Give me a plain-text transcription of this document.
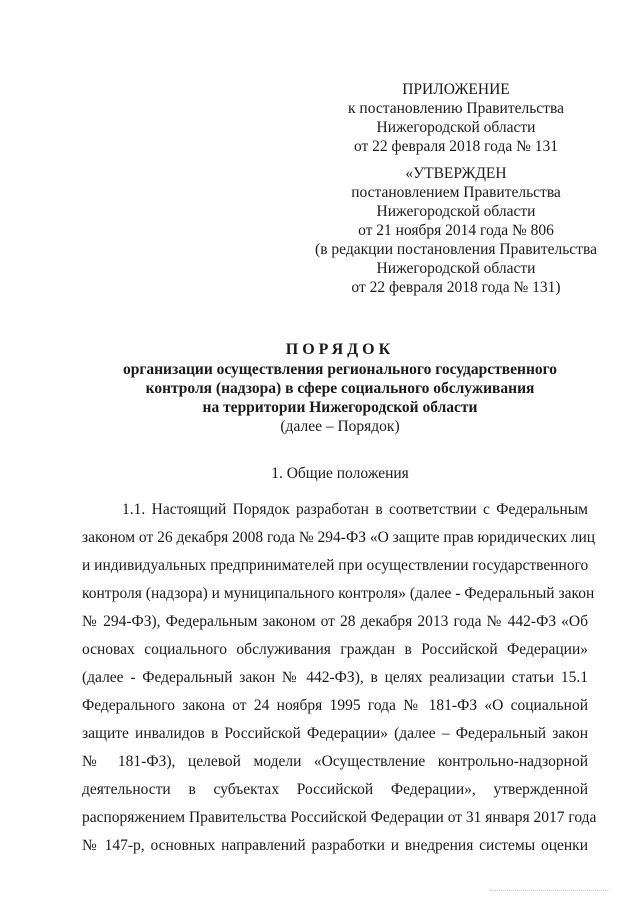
ПРИЛОЖЕНИЕ
к постановлению Правительства
Нижегородской области
от 22 февраля 2018 года № 131
«УТВЕРЖДЕН
постановлением Правительства
Нижегородской области
от 21 ноября 2014 года № 806
(в редакции постановления Правительства
Нижегородской области
от 22 февраля 2018 года № 131)
ПОРЯДОК
организации осуществления регионального государственного
контроля (надзора) в сфере социального обслуживания
на территории Нижегородской области
(далее – Порядок)
1. Общие положения
1.1. Настоящий Порядок разработан в соответствии с Федеральным
законом от 26 декабря 2008 года № 294-ФЗ «О защите прав юридических лиц
и индивидуальных предпринимателей при осуществлении государственного
контроля (надзора) и муниципального контроля» (далее - Федеральный закон
№ 294-ФЗ), Федеральным законом от 28 декабря 2013 года № 442-ФЗ «Об
основах социального обслуживания граждан в Российской Федерации»
(далее - Федеральный закон № 442-ФЗ), в целях реализации статьи 15.1
Федерального закона от 24 ноября 1995 года № 181-ФЗ «О социальной
защите инвалидов в Российской Федерации» (далее – Федеральный закон
№ 181-ФЗ), целевой модели «Осуществление контрольно-надзорной
деятельности в субъектах Российской Федерации», утвержденной
распоряжением Правительства Российской Федерации от 31 января 2017 года
№ 147-р, основных направлений разработки и внедрения системы оценки
